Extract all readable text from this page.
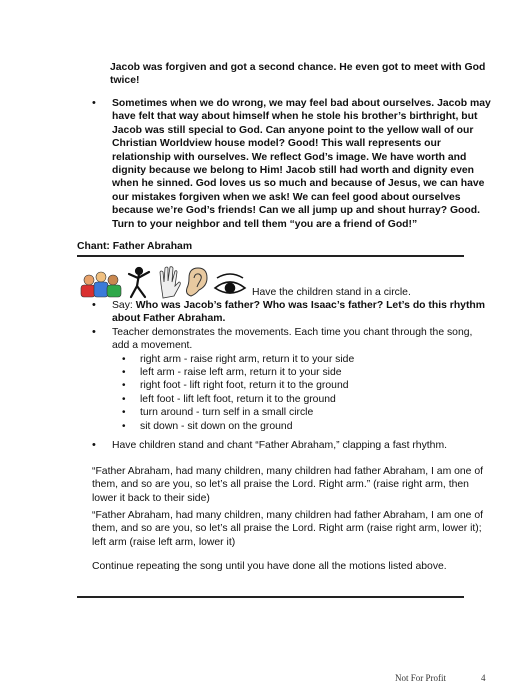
Jacob was forgiven and got a second chance. He even got to meet with God twice!
•	Sometimes when we do wrong, we may feel bad about ourselves. Jacob may have felt that way about himself when he stole his brother’s birthright, but Jacob was still special to God. Can anyone point to the yellow wall of our Christian Worldview house model? Good! This wall represents our relationship with ourselves. We reflect God’s image. We have worth and dignity because we belong to Him! Jacob still had worth and dignity even when he sinned. God loves us so much and because of Jesus, we can have our mistakes forgiven when we ask! We can feel good about ourselves because we’re God’s friends! Can we all jump up and shout hurray? Good. Turn to your neighbor and tell them “you are a friend of God!”
Chant: Father Abraham
Have the children stand in a circle.
•	Say: Who was Jacob’s father? Who was Isaac’s father? Let’s do this rhythm about Father Abraham.
•	Teacher demonstrates the movements. Each time you chant through the song, add a movement.
•	right arm - raise right arm, return it to your side
•	left arm - raise left arm, return it to your side
•	right foot - lift right foot, return it to the ground
•	left foot - lift left foot, return it to the ground
•	turn around - turn self in a small circle
•	sit down - sit down on the ground
•	Have children stand and chant “Father Abraham,” clapping a fast rhythm.
“Father Abraham, had many children, many children had father Abraham, I am one of them, and so are you, so let’s all praise the Lord. Right arm.” (raise right arm, then lower it back to their side)
“Father Abraham, had many children, many children had father Abraham, I am one of them, and so are you, so let’s all praise the Lord. Right arm (raise right arm, lower it); left arm (raise left arm, lower it)
Continue repeating the song until you have done all the motions listed above.
Not For Profit	4
